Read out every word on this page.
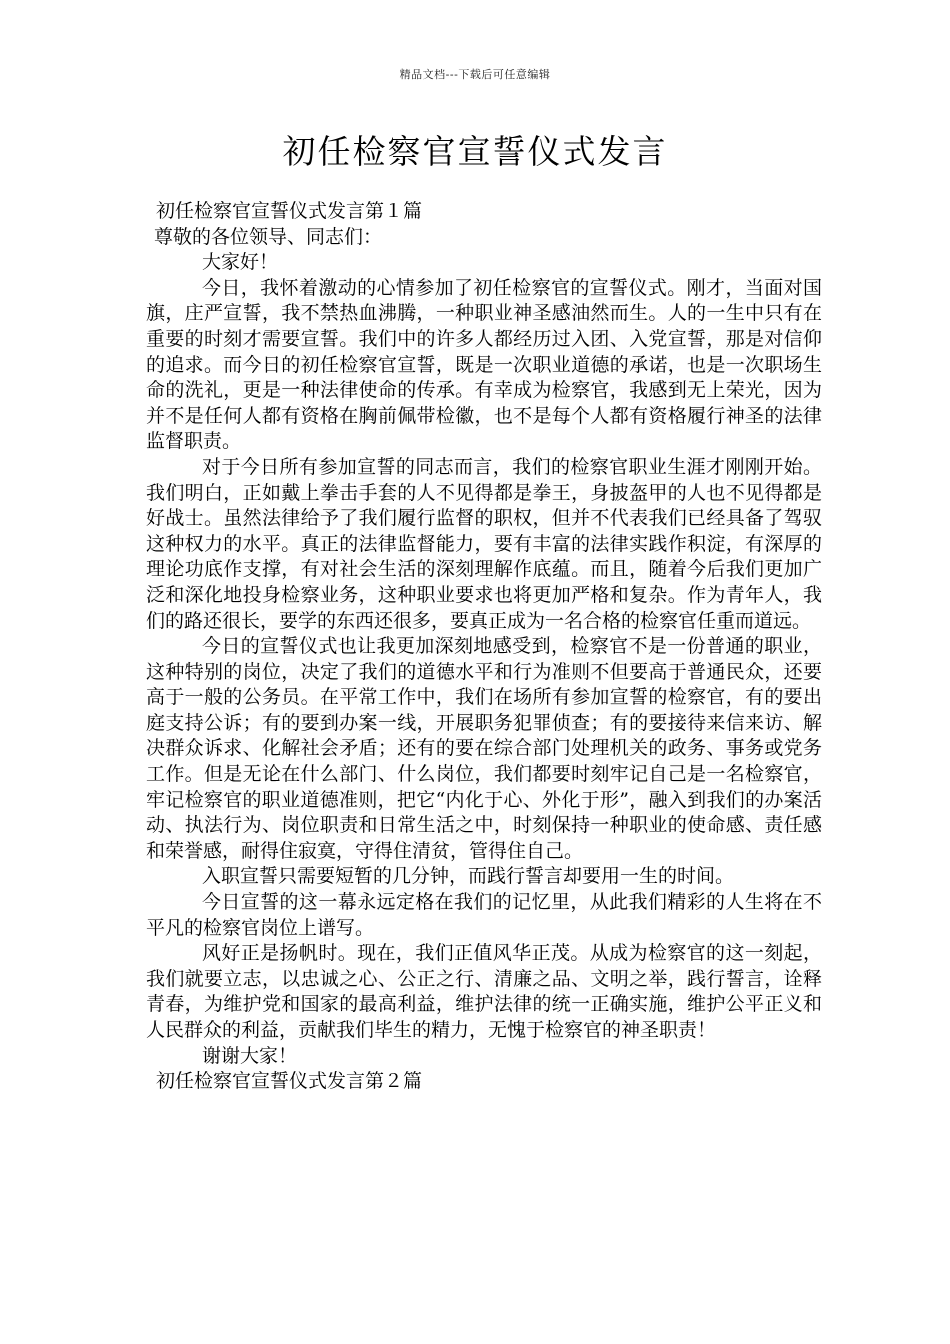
精品文档---下载后可任意编辑
初任检察官宣誓仪式发言

初任检察官宣誓仪式发言第１篇

尊敬的各位领导、同志们：

大家好！

今日，我怀着激动的心情参加了初任检察官的宣誓仪式。刚才，当面对国旗，庄严宣誓，我不禁热血沸腾，一种职业神圣感油然而生。人的一生中只有在重要的时刻才需要宣誓。我们中的许多人都经历过入团、入党宣誓，那是对信仰的追求。而今日的初任检察官宣誓，既是一次职业道德的承诺，也是一次职场生命的洗礼，更是一种法律使命的传承。有幸成为检察官，我感到无上荣光，因为并不是任何人都有资格在胸前佩带检徽，也不是每个人都有资格履行神圣的法律监督职责。

对于今日所有参加宣誓的同志而言，我们的检察官职业生涯才刚刚开始。我们明白，正如戴上拳击手套的人不见得都是拳王，身披盔甲的人也不见得都是好战士。虽然法律给予了我们履行监督的职权，但并不代表我们已经具备了驾驭这种权力的水平。真正的法律监督能力，要有丰富的法律实践作积淀，有深厚的理论功底作支撑，有对社会生活的深刻理解作底蕴。而且，随着今后我们更加广泛和深化地投身检察业务，这种职业要求也将更加严格和复杂。作为青年人，我们的路还很长，要学的东西还很多，要真正成为一名合格的检察官任重而道远。

今日的宣誓仪式也让我更加深刻地感受到，检察官不是一份普通的职业，这种特别的岗位，决定了我们的道德水平和行为准则不但要高于普通民众，还要高于一般的公务员。在平常工作中，我们在场所有参加宣誓的检察官，有的要出庭支持公诉；有的要到办案一线，开展职务犯罪侦查；有的要接待来信来访、解决群众诉求、化解社会矛盾；还有的要在综合部门处理机关的政务、事务或党务工作。但是无论在什么部门、什么岗位，我们都要时刻牢记自己是一名检察官，牢记检察官的职业道德准则，把它“内化于心、外化于形”，融入到我们的办案活动、执法行为、岗位职责和日常生活之中，时刻保持一种职业的使命感、责任感和荣誉感，耐得住寂寞，守得住清贫，管得住自己。

入职宣誓只需要短暂的几分钟，而践行誓言却要用一生的时间。

今日宣誓的这一幕永远定格在我们的记忆里，从此我们精彩的人生将在不平凡的检察官岗位上谱写。

风好正是扬帆时。现在，我们正值风华正茂。从成为检察官的这一刻起，我们就要立志，以忠诚之心、公正之行、清廉之品、文明之举，践行誓言，诠释青春，为维护党和国家的最高利益，维护法律的统一正确实施，维护公平正义和人民群众的利益，贡献我们毕生的精力，无愧于检察官的神圣职责！

谢谢大家！

初任检察官宣誓仪式发言第２篇
